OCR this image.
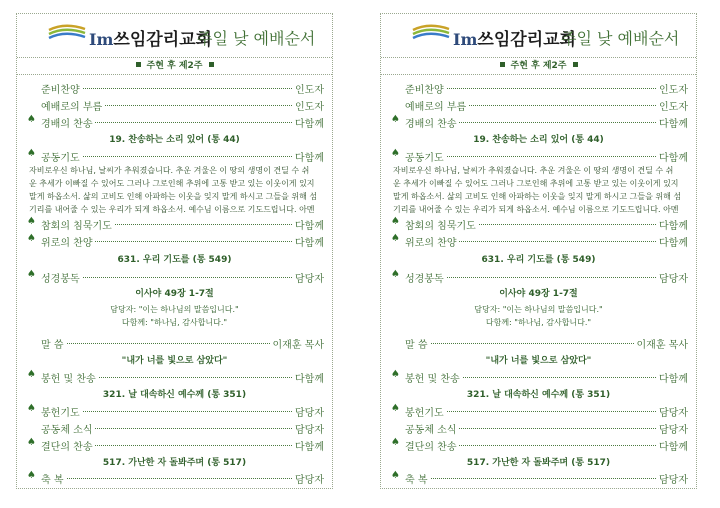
Im쓰임감리교회
주일 낮 예배순서
주현 후 제2주
준비찬양	인도자
예배로의 부름	인도자
♠ 경배의 찬송	다함께
19. 찬송하는 소리 있어 (통 44)
♠ 공동기도	다함께
자비로우신 하나님, 날씨가 추워졌습니다. 추운 겨울은 이 땅의 생명이 견딜 수 쉬
운 추세가 이빠질 수 있어도 그러나 그로인해 추위에 고통 받고 있는 이웃이게 있지
말게 하옵소서. 삶의 고비도 인해 아파하는 이웃을 잊지 말게 하시고 그들을 위해 섬
기리를 내어줄 수 있는 우리가 되게 하옵소서. 예수님 이름으로 기도드립니다. 아멘
♠ 참회의 침묵기도	다함께
♠ 위로의 찬양	다함께
631. 우리 기도를 (통 549)
♠ 성경봉독	담당자
이사야 49장 1-7절
담당자: "이는 하나님의 말씀입니다."
다함께: "하나님, 감사합니다."
말 씀	이재훈 목사
"내가 너를 빛으로 삼았다"
♠ 봉헌 및 찬송	다함께
321. 날 대속하신 예수께 (통 351)
♠ 봉헌기도	담당자
공동체 소식	담당자
♠ 결단의 찬송	다함께
517. 가난한 자 돌봐주며 (통 517)
♠ 축 복	담당자
Im쓰임감리교회
주일 낮 예배순서
주현 후 제2주
준비찬양	인도자
예배로의 부름	인도자
♠ 경배의 찬송	다함께
19. 찬송하는 소리 있어 (통 44)
♠ 공동기도	다함께
자비로우신 하나님, 날씨가 추워졌습니다. 추운 겨울은 이 땅의 생명이 견딜 수 쉬
운 추세가 이빠질 수 있어도 그러나 그로인해 추위에 고통 받고 있는 이웃이게 있지
말게 하옵소서. 삶의 고비도 인해 아파하는 이웃을 잊지 말게 하시고 그들을 위해 섬
기리를 내어줄 수 있는 우리가 되게 하옵소서. 예수님 이름으로 기도드립니다. 아멘
♠ 참회의 침묵기도	다함께
♠ 위로의 찬양	다함께
631. 우리 기도를 (통 549)
♠ 성경봉독	담당자
이사야 49장 1-7절
담당자: "이는 하나님의 말씀입니다."
다함께: "하나님, 감사합니다."
말 씀	이재훈 목사
"내가 너를 빛으로 삼았다"
♠ 봉헌 및 찬송	다함께
321. 날 대속하신 예수께 (통 351)
♠ 봉헌기도	담당자
공동체 소식	담당자
♠ 결단의 찬송	다함께
517. 가난한 자 돌봐주며 (통 517)
♠ 축 복	담당자
